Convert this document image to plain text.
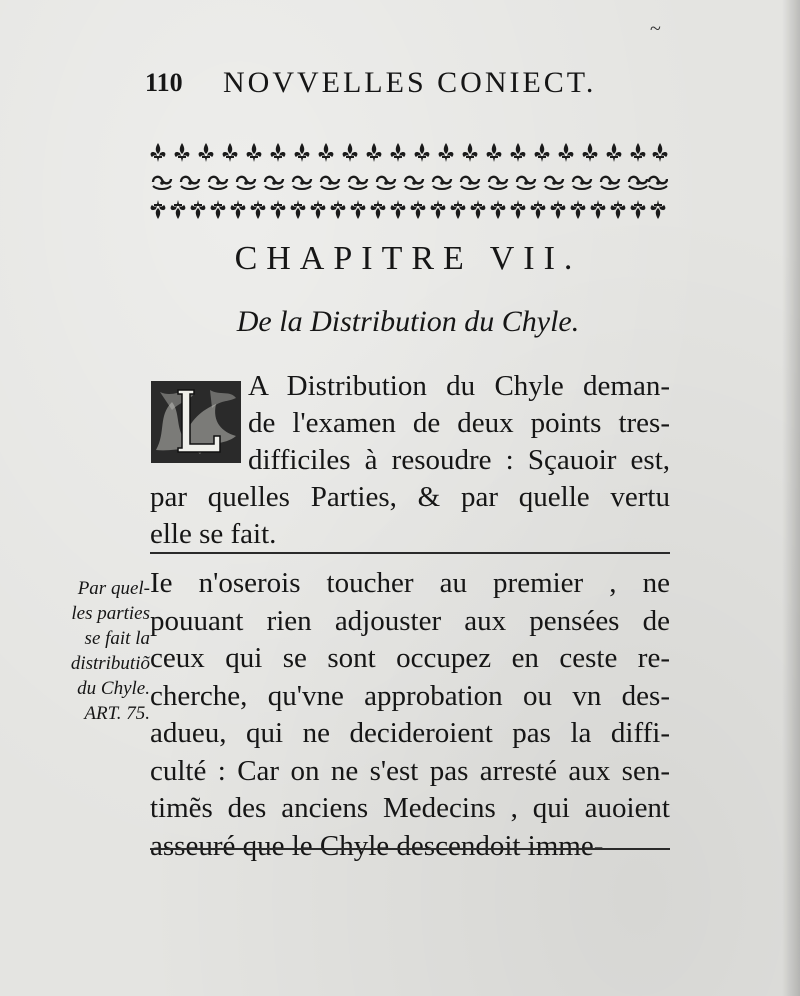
110 NOVVELLES CONIECT.
CHAPITRE VII.
De la Distribution du Chyle.
A Distribution du Chyle deman-
de l'examen de deux points tres-
difficiles à resoudre : Sçauoir est,
par quelles Parties, & par quelle vertu
elle se fait.
Par quel-
les parties
se fait la
distributiõ
du Chyle.
ART. 75.
Ie n'oserois toucher au premier , ne
pouuant rien adjouster aux pensées de
ceux qui se sont occupez en ceste re-
cherche, qu'vne approbation ou vn des-
adueu, qui ne decideroient pas la diffi-
culté : Car on ne s'est pas arresté aux sen-
timẽs des anciens Medecins , qui auoient
asseuré que le Chyle descendoit imme-
~
